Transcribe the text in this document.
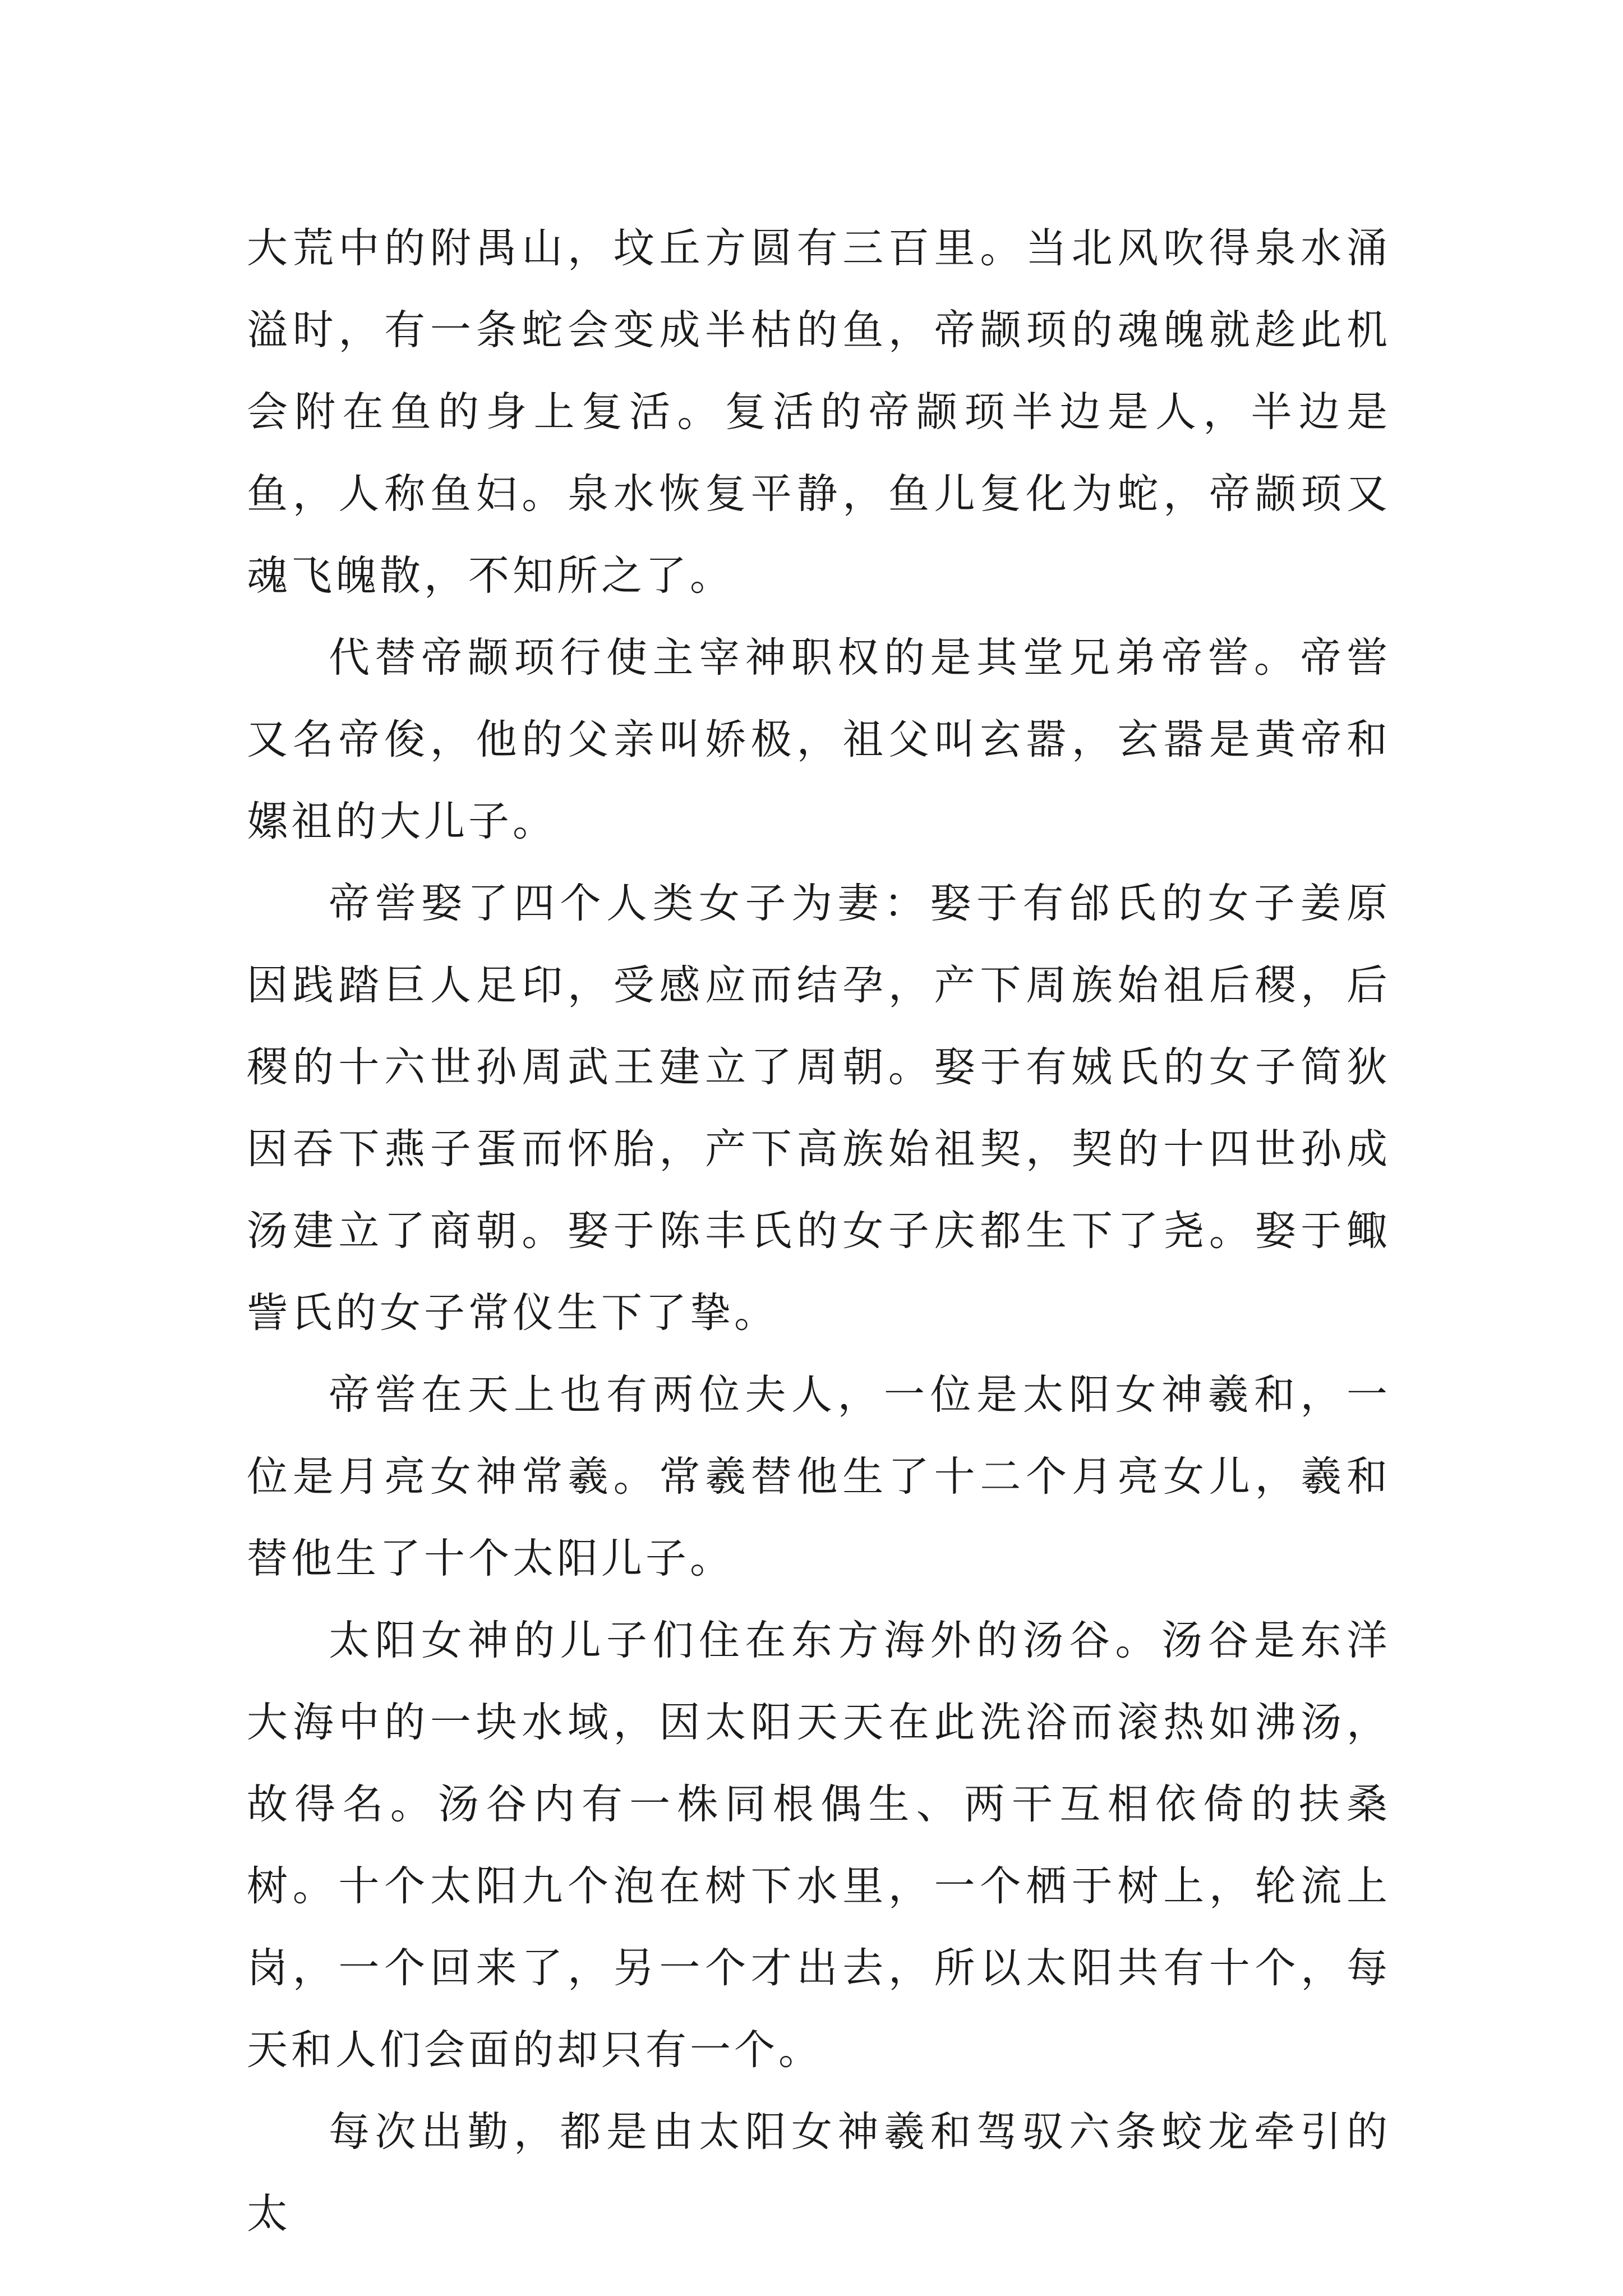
大荒中的附禺山，坟丘方圆有三百里。当北风吹得泉水涌溢时，有一条蛇会变成半枯的鱼，帝颛顼的魂魄就趁此机会附在鱼的身上复活。复活的帝颛顼半边是人，半边是鱼，人称鱼妇。泉水恢复平静，鱼儿复化为蛇，帝颛顼又魂飞魄散，不知所之了。

代替帝颛顼行使主宰神职权的是其堂兄弟帝喾。帝喾又名帝俊，他的父亲叫娇极，祖父叫玄嚣，玄嚣是黄帝和嫘祖的大儿子。

帝喾娶了四个人类女子为妻：娶于有邰氏的女子姜原因践踏巨人足印，受感应而结孕，产下周族始祖后稷，后稷的十六世孙周武王建立了周朝。娶于有娀氏的女子简狄因吞下燕子蛋而怀胎，产下高族始祖契，契的十四世孙成汤建立了商朝。娶于陈丰氏的女子庆都生下了尧。娶于鲰訾氏的女子常仪生下了挚。

帝喾在天上也有两位夫人，一位是太阳女神羲和，一位是月亮女神常羲。常羲替他生了十二个月亮女儿，羲和替他生了十个太阳儿子。

太阳女神的儿子们住在东方海外的汤谷。汤谷是东洋大海中的一块水域，因太阳天天在此洗浴而滚热如沸汤，故得名。汤谷内有一株同根偶生、两干互相依倚的扶桑树。十个太阳九个泡在树下水里，一个栖于树上，轮流上岗，一个回来了，另一个才出去，所以太阳共有十个，每天和人们会面的却只有一个。

每次出勤，都是由太阳女神羲和驾驭六条蛟龙牵引的太
